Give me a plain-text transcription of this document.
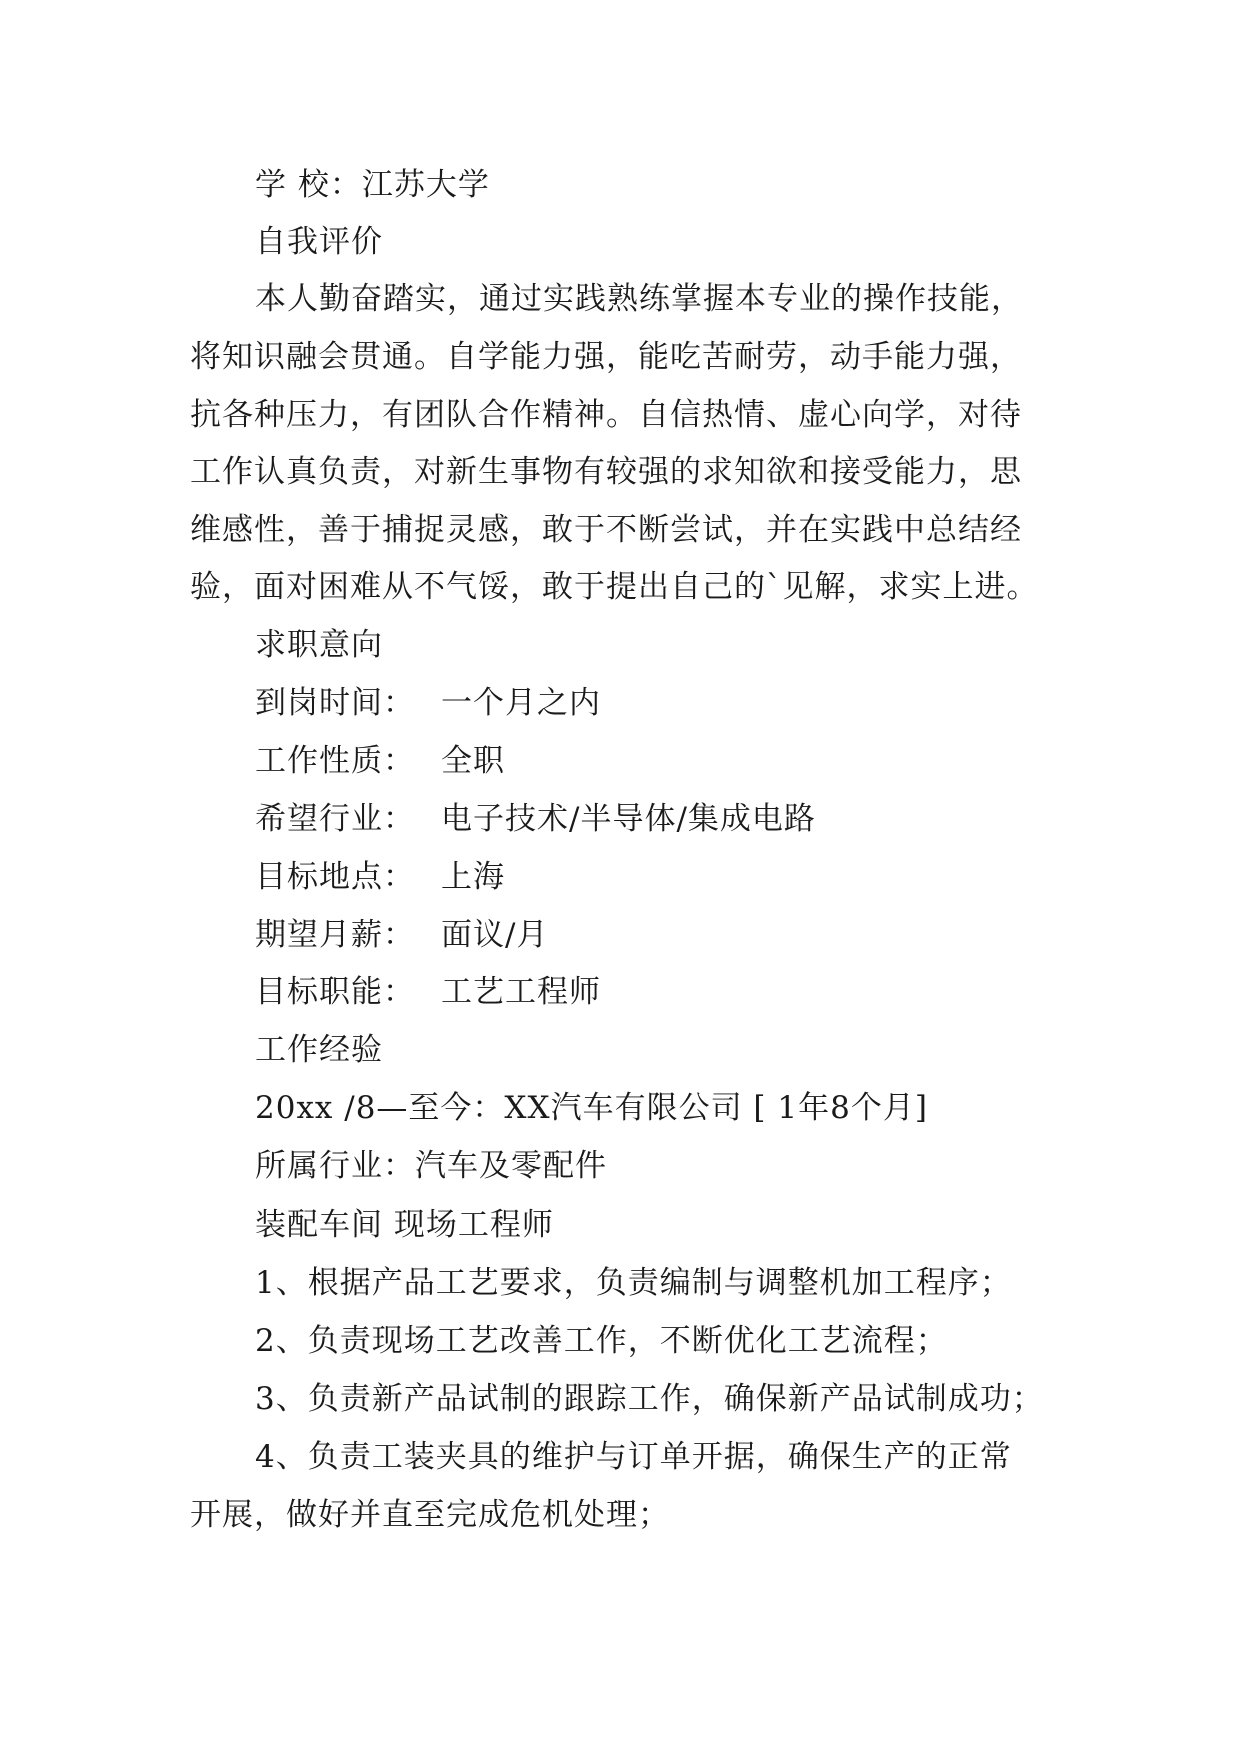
学 校：江苏大学
自我评价
本人勤奋踏实，通过实践熟练掌握本专业的操作技能，
将知识融会贯通。自学能力强，能吃苦耐劳，动手能力强，
抗各种压力，有团队合作精神。自信热情、虚心向学，对待
工作认真负责，对新生事物有较强的求知欲和接受能力，思
维感性，善于捕捉灵感，敢于不断尝试，并在实践中总结经
验，面对困难从不气馁，敢于提出自己的`见解，求实上进。
求职意向
到岗时间： 一个月之内
工作性质： 全职
希望行业： 电子技术/半导体/集成电路
目标地点： 上海
期望月薪： 面议/月
目标职能： 工艺工程师
工作经验
20xx /8—至今：XX汽车有限公司 [ 1年8个月]
所属行业：汽车及零配件
装配车间 现场工程师
1、根据产品工艺要求，负责编制与调整机加工程序；
2、负责现场工艺改善工作，不断优化工艺流程；
3、负责新产品试制的跟踪工作，确保新产品试制成功；
4、负责工装夹具的维护与订单开据，确保生产的正常
开展，做好并直至完成危机处理；
